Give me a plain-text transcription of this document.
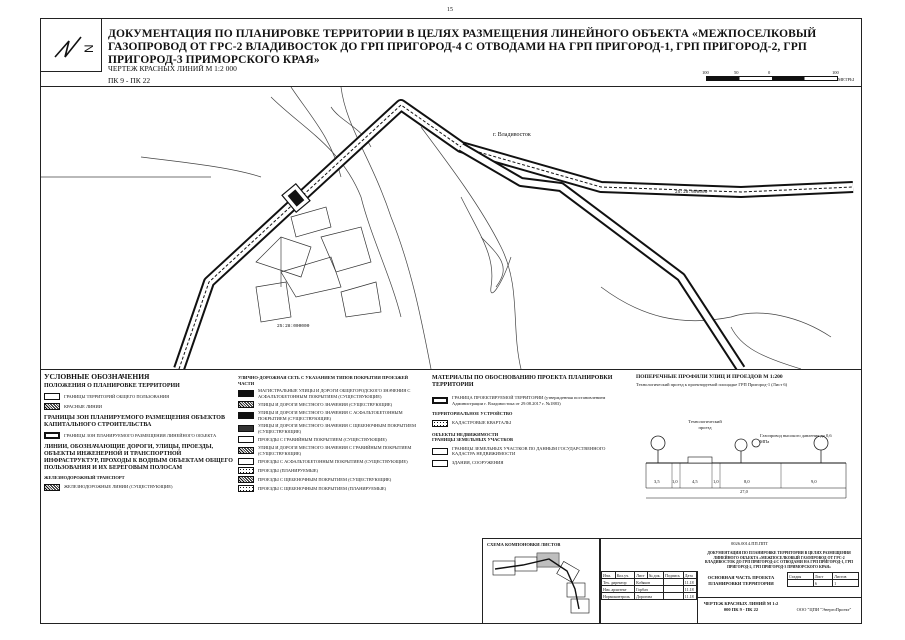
15
N
ДОКУМЕНТАЦИЯ ПО ПЛАНИРОВКЕ ТЕРРИТОРИИ В ЦЕЛЯХ РАЗМЕЩЕНИЯ ЛИНЕЙНОГО ОБЪЕКТА «МЕЖПОСЕЛКОВЫЙ ГАЗОПРОВОД ОТ ГРС-2 ВЛАДИВОСТОК ДО ГРП ПРИГОРОД-4 С ОТВОДАМИ НА ГРП ПРИГОРОД-1, ГРП ПРИГОРОД-2, ГРП ПРИГОРОД-3 ПРИМОРСКОГО КРАЯ»
ЧЕРТЕЖ КРАСНЫХ ЛИНИЙ М 1:2 000
ПК 9 - ПК 22
100	50	0	100
МЕТРЫ
г. Владивосток
25:28:000000
25:28:000000
УСЛОВНЫЕ ОБОЗНАЧЕНИЯ
ПОЛОЖЕНИЯ О ПЛАНИРОВКЕ ТЕРРИТОРИИ
ГРАНИЦЫ ТЕРРИТОРИЙ ОБЩЕГО ПОЛЬЗОВАНИЯ
КРАСНЫЕ ЛИНИИ
ГРАНИЦЫ ЗОН ПЛАНИРУЕМОГО РАЗМЕЩЕНИЯ ОБЪЕКТОВ КАПИТАЛЬНОГО СТРОИТЕЛЬСТВА
ГРАНИЦЫ ЗОН ПЛАНИРУЕМОГО РАЗМЕЩЕНИЯ ЛИНЕЙНОГО ОБЪЕКТА
ЛИНИИ, ОБОЗНАЧАЮЩИЕ ДОРОГИ, УЛИЦЫ, ПРОЕЗДЫ, ОБЪЕКТЫ ИНЖЕНЕРНОЙ И ТРАНСПОРТНОЙ ИНФРАСТРУКТУР, ПРОХОДЫ К ВОДНЫМ ОБЪЕКТАМ ОБЩЕГО ПОЛЬЗОВАНИЯ И ИХ БЕРЕГОВЫМ ПОЛОСАМ
ЖЕЛЕЗНОДОРОЖНЫЙ ТРАНСПОРТ
ЖЕЛЕЗНОДОРОЖНЫЕ ЛИНИИ (СУЩЕСТВУЮЩИЕ)
УЛИЧНО-ДОРОЖНАЯ СЕТЬ С УКАЗАНИЕМ ТИПОВ ПОКРЫТИЯ ПРОЕЗЖЕЙ ЧАСТИ
МАГИСТРАЛЬНЫЕ УЛИЦЫ И ДОРОГИ ОБЩЕГОРОДСКОГО ЗНАЧЕНИЯ С АСФАЛЬТОБЕТОННЫМ ПОКРЫТИЕМ (СУЩЕСТВУЮЩИЕ)
УЛИЦЫ И ДОРОГИ МЕСТНОГО ЗНАЧЕНИЯ (СУЩЕСТВУЮЩИЕ)
УЛИЦЫ И ДОРОГИ МЕСТНОГО ЗНАЧЕНИЯ С АСФАЛЬТОБЕТОННЫМ ПОКРЫТИЕМ (СУЩЕСТВУЮЩИЕ)
УЛИЦЫ И ДОРОГИ МЕСТНОГО ЗНАЧЕНИЯ С ЩЕБЕНОЧНЫМ ПОКРЫТИЕМ (СУЩЕСТВУЮЩИЕ)
ПРОЕЗДЫ С ГРАВИЙНЫМ ПОКРЫТИЕМ (СУЩЕСТВУЮЩИЕ)
УЛИЦЫ И ДОРОГИ МЕСТНОГО ЗНАЧЕНИЯ С ГРАВИЙНЫМ ПОКРЫТИЕМ (СУЩЕСТВУЮЩИЕ)
ПРОЕЗДЫ С АСФАЛЬТОБЕТОННЫМ ПОКРЫТИЕМ (СУЩЕСТВУЮЩИЕ)
ПРОЕЗДЫ (ПЛАНИРУЕМЫЕ)
ПРОЕЗДЫ С ЩЕБЕНОЧНЫМ ПОКРЫТИЕМ (СУЩЕСТВУЮЩИЕ)
ПРОЕЗДЫ С ЩЕБЕНОЧНЫМ ПОКРЫТИЕМ (ПЛАНИРУЕМЫЕ)
МАТЕРИАЛЫ ПО ОБОСНОВАНИЮ ПРОЕКТА ПЛАНИРОВКИ ТЕРРИТОРИИ
ГРАНИЦА ПРОЕКТИРУЕМОЙ ТЕРРИТОРИИ (утвержденная постановлением Администрации г. Владивостока от 29.08.2017 г. №1883)
ТЕРРИТОРИАЛЬНОЕ УСТРОЙСТВО
КАДАСТРОВЫЕ КВАРТАЛЫ
ОБЪЕКТЫ НЕДВИЖИМОСТИ
ГРАНИЦЫ ЗЕМЕЛЬНЫХ УЧАСТКОВ
ГРАНИЦЫ ЗЕМЕЛЬНЫХ УЧАСТКОВ ПО ДАННЫМ ГОСУДАРСТВЕННОГО КАДАСТРА НЕДВИЖИМОСТИ
ЗДАНИЯ, СООРУЖЕНИЯ
ПОПЕРЕЧНЫЕ ПРОФИЛИ УЛИЦ И ПРОЕЗДОВ М 1:200
Технологический проезд к проектируемой площадке ГРП Пригород-1 (Лист 6)
Технологический проезд
Газопровод высокого давления до 0,6 МПа
3,5	1,0	4,5	1,0	8,0	9,0
27,0
СХЕМА КОМПОНОВКИ ЛИСТОВ	0026.0014.ПП.ППТ
ДОКУМЕНТАЦИЯ ПО ПЛАНИРОВКЕ ТЕРРИТОРИИ В ЦЕЛЯХ РАЗМЕЩЕНИЯ ЛИНЕЙНОГО ОБЪЕКТА «МЕЖПОСЕЛКОВЫЙ ГАЗОПРОВОД ОТ ГРС-2 ВЛАДИВОСТОК ДО ГРП ПРИГОРОД-4 С ОТВОДАМИ НА ГРП ПРИГОРОД-1, ГРП ПРИГОРОД-2, ГРП ПРИГОРОД-3 ПРИМОРСКОГО КРАЯ»
Изм.	Кол.уч.	Лист	№ док.	Подпись	Дата
Тех. директор		Кобяков			11.18
Нач. архитект		Горбач			11.18
Нормоконтроль		Дорогова			11.18
ОСНОВНАЯ ЧАСТЬ ПРОЕКТА ПЛАНИРОВКИ ТЕРРИТОРИИ
Стадия	Лист	Листов
	6	1
ЧЕРТЕЖ КРАСНЫХ ЛИНИЙ М 1:2 000 ПК 9 - ПК 22	ООО "ЦПИ "ЭнергоПроект"
